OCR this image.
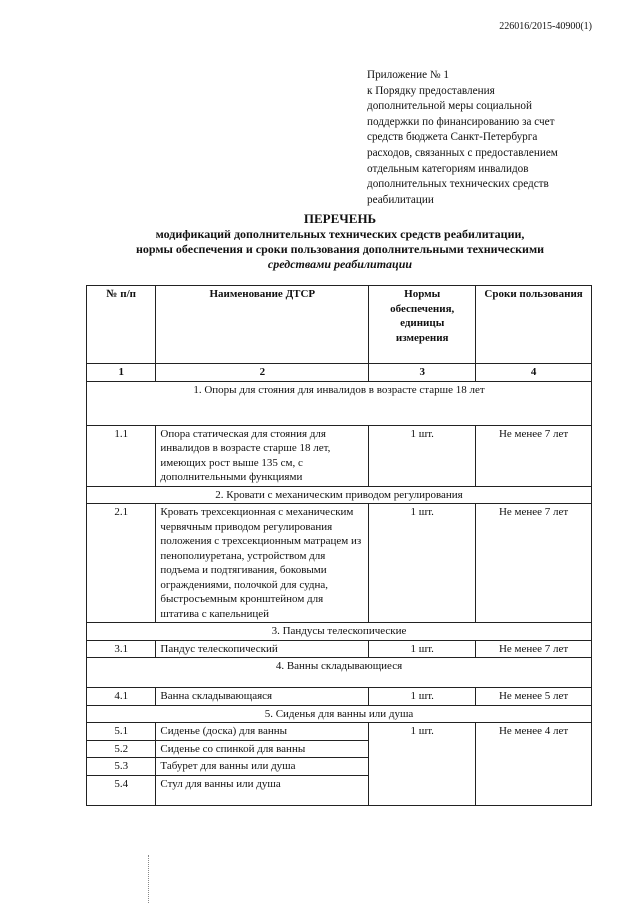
226016/2015-40900(1)
Приложение № 1
к Порядку предоставления
дополнительной меры социальной
поддержки по финансированию за счет
средств бюджета Санкт-Петербурга
расходов, связанных с предоставлением
отдельным категориям инвалидов
дополнительных технических средств
реабилитации
ПЕРЕЧЕНЬ
модификаций дополнительных технических средств реабилитации,
нормы обеспечения и сроки пользования дополнительными техническими
средствами реабилитации
№ п/п	Наименование ДТСР	Нормы обеспечения, единицы измерения	Сроки пользования
1	2	3	4
1. Опоры для стояния для инвалидов в возрасте старше 18 лет			
1.1	Опора статическая для стояния для инвалидов в возрасте старше 18 лет, имеющих рост выше 135 см, с дополнительными функциями	1 шт.	Не менее 7 лет
2. Кровати с механическим приводом регулирования			
2.1	Кровать трехсекционная с механическим червячным приводом регулирования положения с трехсекционным матрацем из пенополиуретана, устройством для подъема и подтягивания, боковыми ограждениями, полочкой для судна, быстросъемным кронштейном для штатива с капельницей	1 шт.	Не менее 7 лет
3. Пандусы телескопические			
3.1	Пандус телескопический	1 шт.	Не менее 7 лет
4. Ванны складывающиеся			
4.1	Ванна складывающаяся	1 шт.	Не менее 5 лет
5. Сиденья для ванны или душа			
5.1	Сиденье (доска) для ванны	1 шт.	Не менее 4 лет
5.2	Сиденье со спинкой для ванны		
5.3	Табурет для ванны или душа		
5.4	Стул для ванны или душа		
